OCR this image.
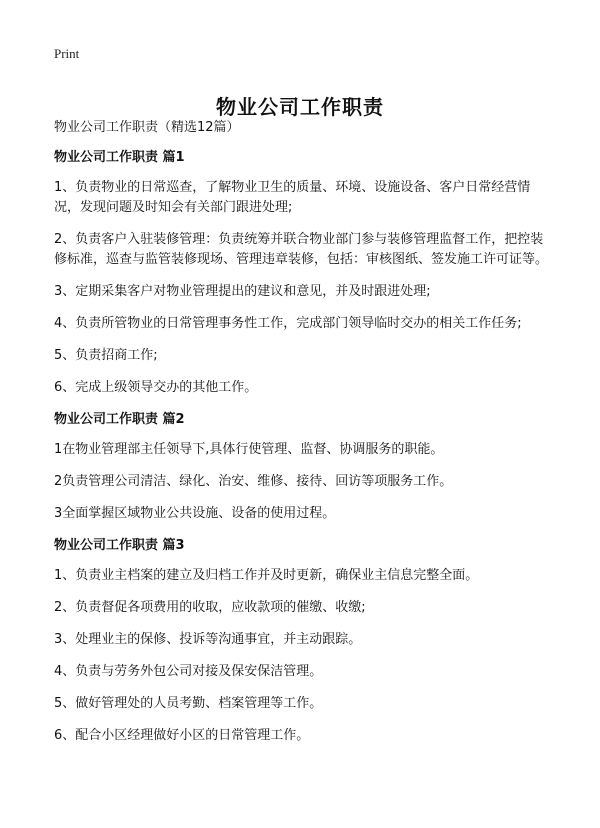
Print
物业公司工作职责

物业公司工作职责（精选12篇）

物业公司工作职责 篇1

1、负责物业的日常巡查，了解物业卫生的质量、环境、设施设备、客户日常经营情况，发现问题及时知会有关部门跟进处理;

2、负责客户入驻装修管理：负责统筹并联合物业部门参与装修管理监督工作，把控装修标准，巡查与监管装修现场、管理违章装修，包括：审核图纸、签发施工许可证等。

3、定期采集客户对物业管理提出的建议和意见，并及时跟进处理;

4、负责所管物业的日常管理事务性工作，完成部门领导临时交办的相关工作任务;

5、负责招商工作;

6、完成上级领导交办的其他工作。

物业公司工作职责 篇2

1在物业管理部主任领导下,具体行使管理、监督、协调服务的职能。

2负责管理公司清洁、绿化、治安、维修、接待、回访等项服务工作。

3全面掌握区域物业公共设施、设备的使用过程。

物业公司工作职责 篇3

1、负责业主档案的建立及归档工作并及时更新，确保业主信息完整全面。

2、负责督促各项费用的收取，应收款项的催缴、收缴;

3、处理业主的保修、投诉等沟通事宜，并主动跟踪。

4、负责与劳务外包公司对接及保安保洁管理。

5、做好管理处的人员考勤、档案管理等工作。

6、配合小区经理做好小区的日常管理工作。
